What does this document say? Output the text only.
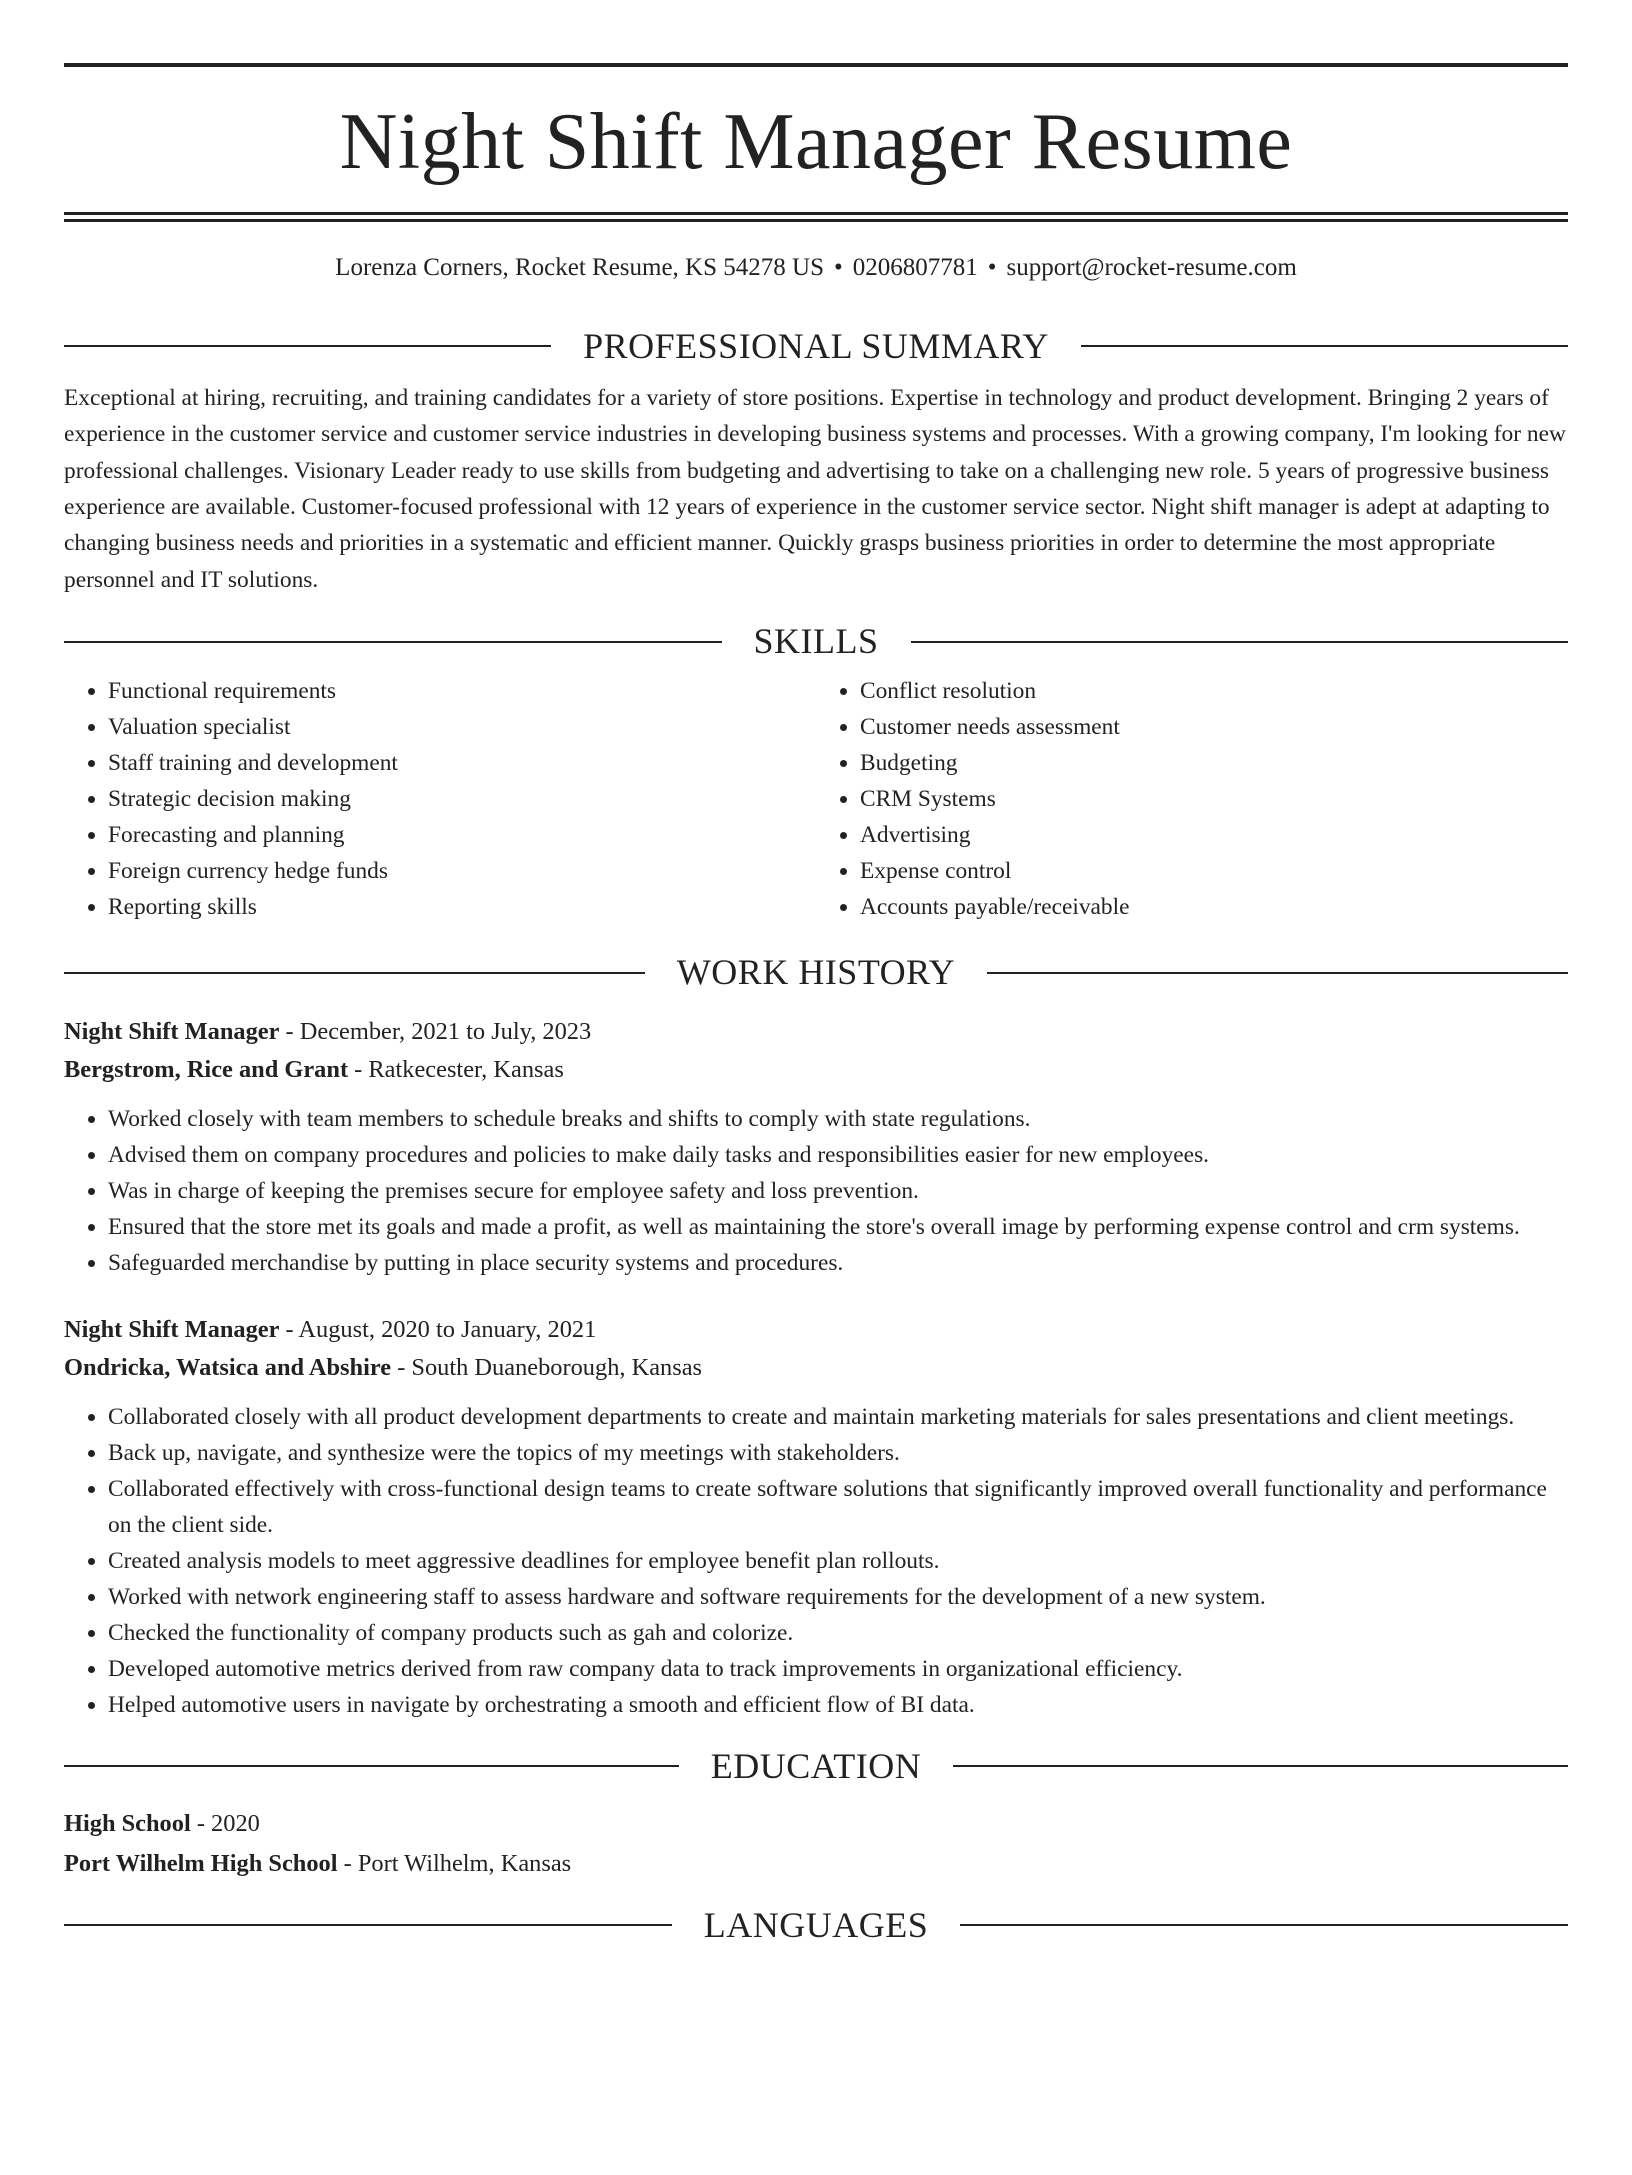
Night Shift Manager Resume
Lorenza Corners, Rocket Resume, KS 54278 US • 0206807781 • support@rocket-resume.com
PROFESSIONAL SUMMARY
Exceptional at hiring, recruiting, and training candidates for a variety of store positions. Expertise in technology and product development. Bringing 2 years of experience in the customer service and customer service industries in developing business systems and processes. With a growing company, I'm looking for new professional challenges. Visionary Leader ready to use skills from budgeting and advertising to take on a challenging new role. 5 years of progressive business experience are available. Customer-focused professional with 12 years of experience in the customer service sector. Night shift manager is adept at adapting to changing business needs and priorities in a systematic and efficient manner. Quickly grasps business priorities in order to determine the most appropriate personnel and IT solutions.
SKILLS
• Functional requirements
• Valuation specialist
• Staff training and development
• Strategic decision making
• Forecasting and planning
• Foreign currency hedge funds
• Reporting skills
• Conflict resolution
• Customer needs assessment
• Budgeting
• CRM Systems
• Advertising
• Expense control
• Accounts payable/receivable
WORK HISTORY
Night Shift Manager - December, 2021 to July, 2023
Bergstrom, Rice and Grant - Ratkecester, Kansas
• Worked closely with team members to schedule breaks and shifts to comply with state regulations.
• Advised them on company procedures and policies to make daily tasks and responsibilities easier for new employees.
• Was in charge of keeping the premises secure for employee safety and loss prevention.
• Ensured that the store met its goals and made a profit, as well as maintaining the store's overall image by performing expense control and crm systems.
• Safeguarded merchandise by putting in place security systems and procedures.
Night Shift Manager - August, 2020 to January, 2021
Ondricka, Watsica and Abshire - South Duaneborough, Kansas
• Collaborated closely with all product development departments to create and maintain marketing materials for sales presentations and client meetings.
• Back up, navigate, and synthesize were the topics of my meetings with stakeholders.
• Collaborated effectively with cross-functional design teams to create software solutions that significantly improved overall functionality and performance on the client side.
• Created analysis models to meet aggressive deadlines for employee benefit plan rollouts.
• Worked with network engineering staff to assess hardware and software requirements for the development of a new system.
• Checked the functionality of company products such as gah and colorize.
• Developed automotive metrics derived from raw company data to track improvements in organizational efficiency.
• Helped automotive users in navigate by orchestrating a smooth and efficient flow of BI data.
EDUCATION
High School - 2020
Port Wilhelm High School - Port Wilhelm, Kansas
LANGUAGES
